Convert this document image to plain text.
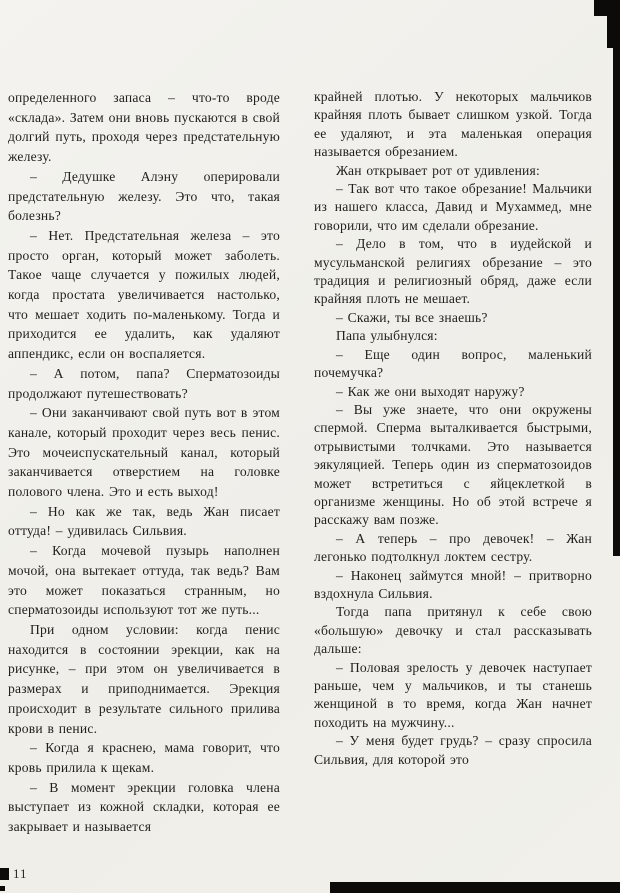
определенного запаса – что-то вроде «склада». Затем они вновь пускаются в свой долгий путь, проходя через предстательную железу.

– Дедушке Алэну оперировали предстательную железу. Это что, такая болезнь?

– Нет. Предстательная железа – это просто орган, который может заболеть. Такое чаще случается у пожилых людей, когда простата увеличивается настолько, что мешает ходить по-маленькому. Тогда и приходится ее удалить, как удаляют аппендикс, если он воспаляется.

– А потом, папа? Сперматозоиды продолжают путешествовать?

– Они заканчивают свой путь вот в этом канале, который проходит через весь пенис. Это мочеиспускательный канал, который заканчивается отверстием на головке полового члена. Это и есть выход!

– Но как же так, ведь Жан писает оттуда! – удивилась Сильвия.

– Когда мочевой пузырь наполнен мочой, она вытекает оттуда, так ведь? Вам это может показаться странным, но сперматозоиды используют тот же путь...

При одном условии: когда пенис находится в состоянии эрекции, как на рисунке, – при этом он увеличивается в размерах и приподнимается. Эрекция происходит в результате сильного прилива крови в пенис.

– Когда я краснею, мама говорит, что кровь прилила к щекам.

– В момент эрекции головка члена выступает из кожной складки, которая ее закрывает и называется

крайней плотью. У некоторых мальчиков крайняя плоть бывает слишком узкой. Тогда ее удаляют, и эта маленькая операция называется обрезанием.

Жан открывает рот от удивления:

– Так вот что такое обрезание! Мальчики из нашего класса, Давид и Мухаммед, мне говорили, что им сделали обрезание.

– Дело в том, что в иудейской и мусульманской религиях обрезание – это традиция и религиозный обряд, даже если крайняя плоть не мешает.

– Скажи, ты все знаешь?

Папа улыбнулся:

– Еще один вопрос, маленький почемучка?

– Как же они выходят наружу?

– Вы уже знаете, что они окружены спермой. Сперма выталкивается быстрыми, отрывистыми толчками. Это называется эякуляцией. Теперь один из сперматозоидов может встретиться с яйцеклеткой в организме женщины. Но об этой встрече я расскажу вам позже.

– А теперь – про девочек! – Жан легонько подтолкнул локтем сестру.

– Наконец займутся мной! – притворно вздохнула Сильвия.

Тогда папа притянул к себе свою «большую» девочку и стал рассказывать дальше:

– Половая зрелость у девочек наступает раньше, чем у мальчиков, и ты станешь женщиной в то время, когда Жан начнет походить на мужчину...

– У меня будет грудь? – сразу спросила Сильвия, для которой это

11
